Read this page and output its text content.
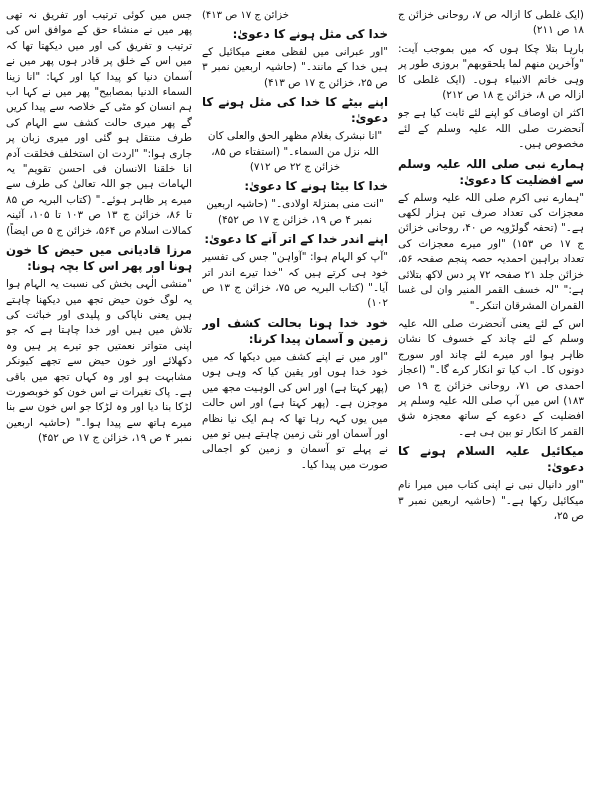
(ایک غلطی کا ازالہ ص ۷، روحانی خزائن ج ۱۸ ص ۲۱۱)
بارہا بتلا چکا ہوں کہ میں بموجب آیت: "وآخرین منھم لما یلحقوبھم" بروزی طور پر وہی خاتم الانبیاء ہوں۔ (ایک غلطی کا ازالہ ص ۸، خزائن ج ۱۸ ص ۲۱۲)
اکثر ان اوصاف کو اپنے لئے ثابت کیا ہے جو آنحضرت صلی اللہ علیہ وسلم کے لئے مخصوص ہیں۔
ہمارے نبی صلی اللہ علیہ وسلم سے افضلیت کا دعویٰ:
"ہمارے نبی اکرم صلی اللہ علیہ وسلم کے معجزات کی تعداد صرف تین ہزار لکھی ہے۔" (تحفہ گولڑویہ ص ۴۰، روحانی خزائن ج ۱۷ ص ۱۵۳) "اور میرے معجزات کی تعداد براہین احمدیہ حصہ پنجم صفحہ ۵۶، خزائن جلد ۲۱ صفحہ ۷۲ پر دس لاکھ بتلائی ہے:" "لہ خسف القمر المنیر وان لی غسا القمران المشرقان اتنکر۔"
اس کے لئے یعنی آنحضرت صلی اللہ علیہ وسلم کے لئے چاند کے خسوف کا نشان ظاہر ہوا اور میرے لئے چاند اور سورج دونوں کا۔ اب کیا تو انکار کرے گا۔" (اعجاز احمدی ص ۷۱، روحانی خزائن ج ۱۹ ص ۱۸۳) اس میں آپ صلی اللہ علیہ وسلم پر افضلیت کے دعوے کے ساتھ معجزہ شق القمر کا انکار تو بین ہی ہے۔
میکائیل علیہ السلام ہونے کا دعویٰ:
"اور دانیال نبی نے اپنی کتاب میں میرا نام میکائیل رکھا ہے۔" (حاشیہ اربعین نمبر ۳ ص ۲۵،
خزائن ج ۱۷ ص ۴۱۳)
خدا کی مثل ہونے کا دعویٰ:
"اور عبرانی میں لفظی معنے میکائیل کے ہیں خدا کے مانند۔" (حاشیہ اربعین نمبر ۳ ص ۲۵، خزائن ج ۱۷ ص ۴۱۳)
اپنے بیٹے کا خدا کی مثل ہونے کا دعویٰ:
"انا نبشرک بغلام مظھر الحق والعلی کان اللہ نزل من السماء۔" (استفتاء ص ۸۵، خزائن ج ۲۲ ص ۷۱۲)
خدا کا بیٹا ہونے کا دعویٰ:
"انت منی بمنزلۃ اولادی۔" (حاشیہ اربعین نمبر ۴ ص ۱۹، خزائن ج ۱۷ ص ۴۵۲)
اپنے اندر خدا کے اتر آنے کا دعویٰ:
"آپ کو الہام ہوا: "آواہن" جس کی تفسیر خود ہی کرتے ہیں کہ "خدا تیرے اندر اتر آیا۔" (کتاب البریہ ص ۷۵، خزائن ج ۱۳ ص ۱۰۲)
خود خدا ہونا بحالت کشف اور زمین و آسمان پیدا کرنا:
"اور میں نے اپنے کشف میں دیکھا کہ میں خود خدا ہوں اور یقین کیا کہ وہی ہوں (پھر کہتا ہے) اور اس کی الوہیت مجھ میں موجزن ہے۔ (پھر کہتا ہے) اور اس حالت میں یوں کہہ رہا تھا کہ ہم ایک نیا نظام اور آسمان اور نئی زمین چاہتے ہیں تو میں نے پہلے تو آسمان و زمین کو اجمالی صورت میں پیدا کیا۔
جس میں کوئی ترتیب اور تفریق نہ تھی پھر میں نے منشاء حق کے موافق اس کی ترتیب و تفریق کی اور میں دیکھتا تھا کہ میں اس کے خلق پر قادر ہوں پھر میں نے آسمان دنیا کو پیدا کیا اور کہا: "انا زینا السماء الدنیا بمصابیح" پھر میں نے کہا اب ہم انسان کو مٹی کے خلاصہ سے پیدا کریں گے پھر میری حالت کشف سے الہام کی طرف منتقل ہو گئی اور میری زبان پر جاری ہوا:" "اردت ان استخلف فخلقت آدم انا خلقنا الانسان فی احسن تقویم" یہ الہامات ہیں جو اللہ تعالیٰ کی طرف سے میرے پر ظاہر ہوئے۔" (کتاب البریہ ص ۸۵ تا ۸۶، خزائن ج ۱۳ ص ۱۰۳ تا ۱۰۵، آئینہ کمالات اسلام ص ۵۶۴، خزائن ج ۵ ص ایضاً)
مرزا قادیانی میں حیض کا خون ہونا اور پھر اس کا بچہ ہونا:
"منشی الٰہی بخش کی نسبت یہ الہام ہوا یہ لوگ خون حیض تجھ میں دیکھنا چاہتے ہیں یعنی ناپاکی و پلیدی اور خباثت کی تلاش میں ہیں اور خدا چاہتا ہے کہ جو اپنی متواتر نعمتیں جو تیرے پر ہیں وہ دکھلائے اور خون حیض سے تجھے کیونکر مشابہت ہو اور وہ کہاں تجھ میں باقی ہے۔ پاک تغیرات نے اس خون کو خوبصورت لڑکا بنا دیا اور وہ لڑکا جو اس خون سے بنا میرے ہاتھ سے پیدا ہوا۔" (حاشیہ اربعین نمبر ۴ ص ۱۹، خزائن ج ۱۷ ص ۴۵۲)
